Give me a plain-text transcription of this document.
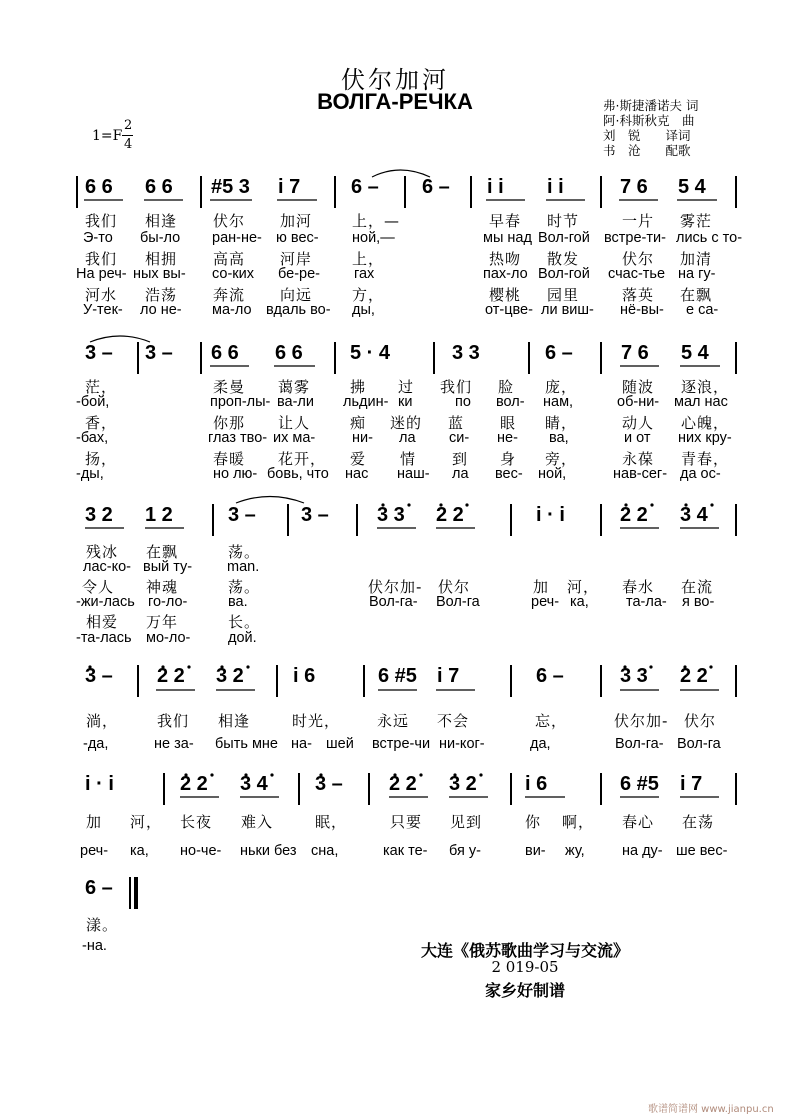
伏尔加河
ВОЛГА-РЕЧКА
1=F
2
4
弗·斯捷潘诺夫 词
阿·科斯秋克　曲
刘　锐　　译词
书　沧　　配歌
6 6 6 6 #5 3 i 7	6 – 6 – i i i i	7 6 5 4
我们 相逢 伏尔 加河	上，—	早春 时节	一片 雾茫
Э-то бы-ло ран-не- ю вес- ной,—	мы над Вол-гой встре-ти- лись с то-
我们 相拥 高高 河岸	上，	热吻 散发	伏尔 加清
На реч- ных вы- со-ких бе-ре- гах	пах-ло Вол-гой счас-тье на гу-
河水 浩荡 奔流 向远	方，	樱桃 园里	落英 在飘
У-тек- ло не- ма-ло вдаль во- ды,	от-цве- ли виш- нё-вы- е са-
3 – 3 – 6 6 6 6 5 · 4	3 3	6 – 7 6 5 4
茫，	柔曼 蔼雾	拂 过 我们 脸 庞，	随波 逐浪，
-бой,	проп-лы- ва-ли льдин- ки	по вол- нам,	об-ни- мал нас
香，	你那 让人	痴 迷的 蓝 眼 睛，	动人 心魄，
-бах,	глаз тво- их ма-	ни- ла си- не- ва,	и от них кру-
扬，	春暖 花开， 爱 情 到 身 旁，	永葆 青春，
-ды,	но лю- бовь, что нас наш- ла вес- ной,	нав-сег- да ос-
3 2 1 2	3 – 3 – 3 3 2 2	i · i	2 2 3 4
残冰 在飘	荡。
лас-ко- вый ту- man.
令人 神魂	荡。	伏尔加- 伏尔	加 河， 春水 在流
-жи-лась го-ло-	ва.	Вол-га- Вол-га	реч- ка,	та-ла- я во-
相爱 万年	长。
-та-лась мо-ло-	дой.
3 – 2 2 3 2 i 6	6 #5 i 7	6 –	3 3 2 2
淌，	我们 相逢	时光， 永远 不会	忘，	伏尔加- 伏尔
-да,	не за- быть мне на- шей встре-чи ни-ког-	да,	Вол-га- Вол-га
i · i	2 2 3 4 3 – 2 2 3 2 i 6	6 #5 i 7
加 河， 长夜 难入	眠，	只要 见到	你 啊， 春心 在荡
реч- ка, но-че- ньки без сна,	как те- бя у-	ви- жу,	на ду- ше вес-
6 –
漾。
-на.	大连《俄苏歌曲学习与交流》
2 019-05
家乡好制谱
歌谱简谱网 www.jianpu.cn
